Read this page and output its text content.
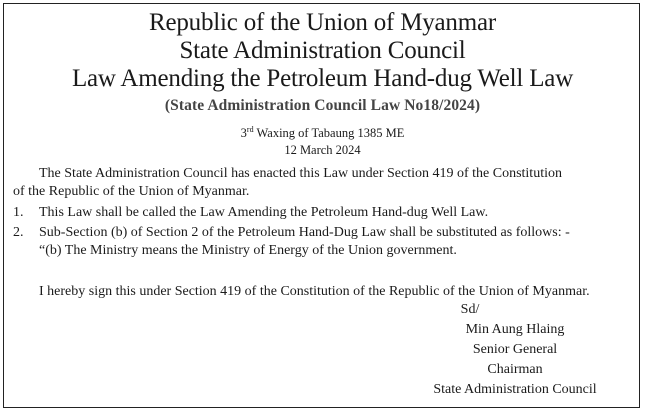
Republic of the Union of Myanmar
State Administration Council
Law Amending the Petroleum Hand-dug Well Law
(State Administration Council Law No18/2024)
3rd Waxing of Tabaung 1385 ME
12 March 2024
The State Administration Council has enacted this Law under Section 419 of the Constitution
of the Republic of the Union of Myanmar.
1. This Law shall be called the Law Amending the Petroleum Hand-dug Well Law.
2. Sub-Section (b) of Section 2 of the Petroleum Hand-Dug Law shall be substituted as follows: -
“(b) The Ministry means the Ministry of Energy of the Union government.
I hereby sign this under Section 419 of the Constitution of the Republic of the Union of Myanmar.
Sd/
Min Aung Hlaing
Senior General
Chairman
State Administration Council
